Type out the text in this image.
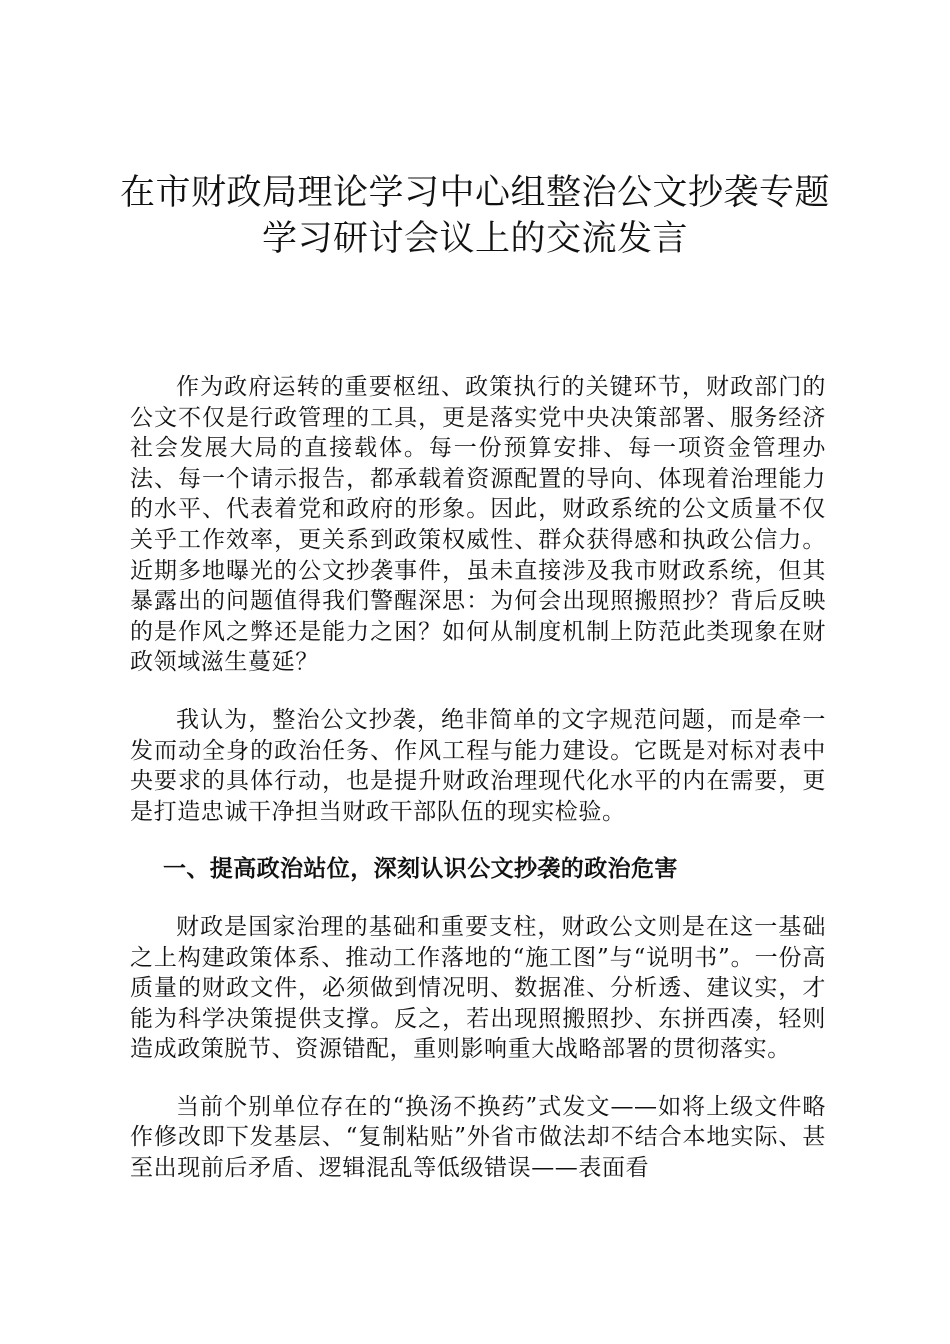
在市财政局理论学习中心组整治公文抄袭专题
学习研讨会议上的交流发言

作为政府运转的重要枢纽、政策执行的关键环节，财政部门的公文不仅是行政管理的工具，更是落实党中央决策部署、服务经济社会发展大局的直接载体。每一份预算安排、每一项资金管理办法、每一个请示报告，都承载着资源配置的导向、体现着治理能力的水平、代表着党和政府的形象。因此，财政系统的公文质量不仅关乎工作效率，更关系到政策权威性、群众获得感和执政公信力。近期多地曝光的公文抄袭事件，虽未直接涉及我市财政系统，但其暴露出的问题值得我们警醒深思：为何会出现照搬照抄？背后反映的是作风之弊还是能力之困？如何从制度机制上防范此类现象在财政领域滋生蔓延？

我认为，整治公文抄袭，绝非简单的文字规范问题，而是牵一发而动全身的政治任务、作风工程与能力建设。它既是对标对表中央要求的具体行动，也是提升财政治理现代化水平的内在需要，更是打造忠诚干净担当财政干部队伍的现实检验。

一、提高政治站位，深刻认识公文抄袭的政治危害

财政是国家治理的基础和重要支柱，财政公文则是在这一基础之上构建政策体系、推动工作落地的“施工图”与“说明书”。一份高质量的财政文件，必须做到情况明、数据准、分析透、建议实，才能为科学决策提供支撑。反之，若出现照搬照抄、东拼西凑，轻则造成政策脱节、资源错配，重则影响重大战略部署的贯彻落实。

当前个别单位存在的“换汤不换药”式发文——如将上级文件略作修改即下发基层、“复制粘贴”外省市做法却不结合本地实际、甚至出现前后矛盾、逻辑混乱等低级错误——表面看
